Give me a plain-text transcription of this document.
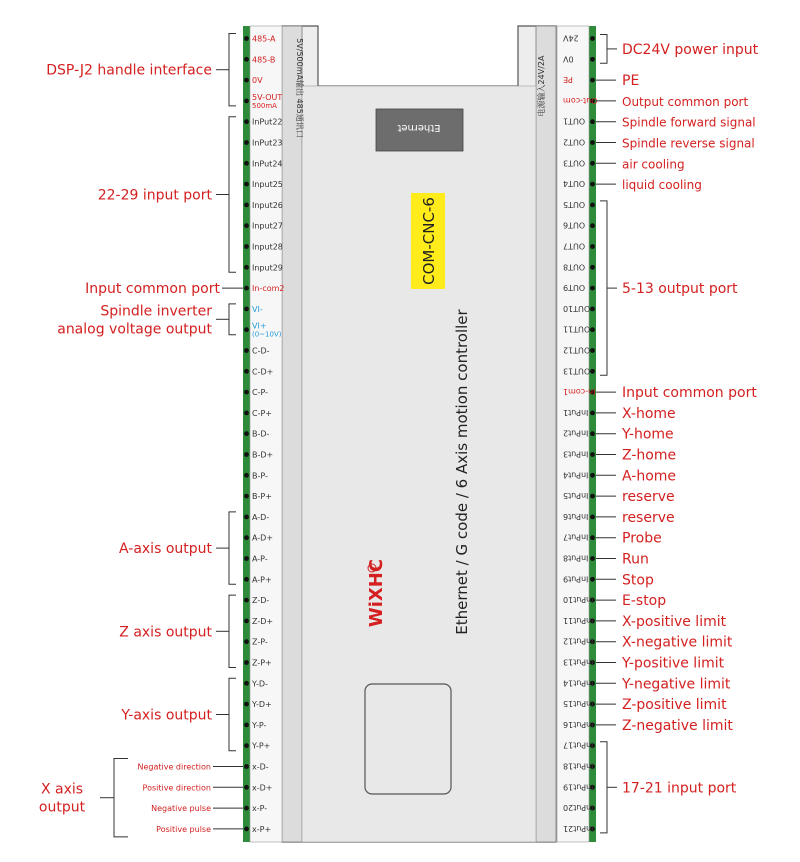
Ethernet
COM-CNC-6
Ethernet / G code / 6 Axis motion controller
WiXHC
5V/500mA输出 485通讯口	电源输入24V/2A
485-A
485-B
0V
5V-OUT
500mA
InPut22
InPut23
InPut24
Input25
Input26
Input27
Input28
Input29
In-com2
VI-
VI+
(0~10V)
C-D-
C-D+
C-P-
C-P+
B-D-
B-D+
B-P-
B-P+
A-D-
A-D+
A-P-
A-P+
Z-D-
Z-D+
Z-P-
Z-P+
Y-D-
Y-D+
Y-P-
Y-P+
x-D-
x-D+
x-P-
x-P+
24V
0V
PE
Out-com
OUT1
OUT2
OUT3
OUT4
OUT5
OUT6
OUT7
OUT8
OUT9
OUT10
OUT11
OUT12
OUT13
In-com1
InPut1
InPut2
InPut3
InPut4
InPut5
InPut6
InPut7
InPut8
InPut9
InPut10
InPut11
InPut12
InPut13
InPut14
InPut15
InPut16
InPut17
InPut18
InPut19
InPut20
InPut21
DSP-J2 handle interface
22-29 input port
Input common port
Spindle inverter
analog voltage output
A-axis output
Z axis output
Y-axis output
X axis
output
Negative direction
Positive direction
Negative pulse
Positive pulse
DC24V power input
PE
Output common port
Spindle forward signal
Spindle reverse signal
air cooling
liquid cooling
5-13 output port
Input common port
X-home
Y-home
Z-home
A-home
reserve
reserve
Probe
Run
Stop
E-stop
X-positive limit
X-negative limit
Y-positive limit
Y-negative limit
Z-positive limit
Z-negative limit
17-21 input port
